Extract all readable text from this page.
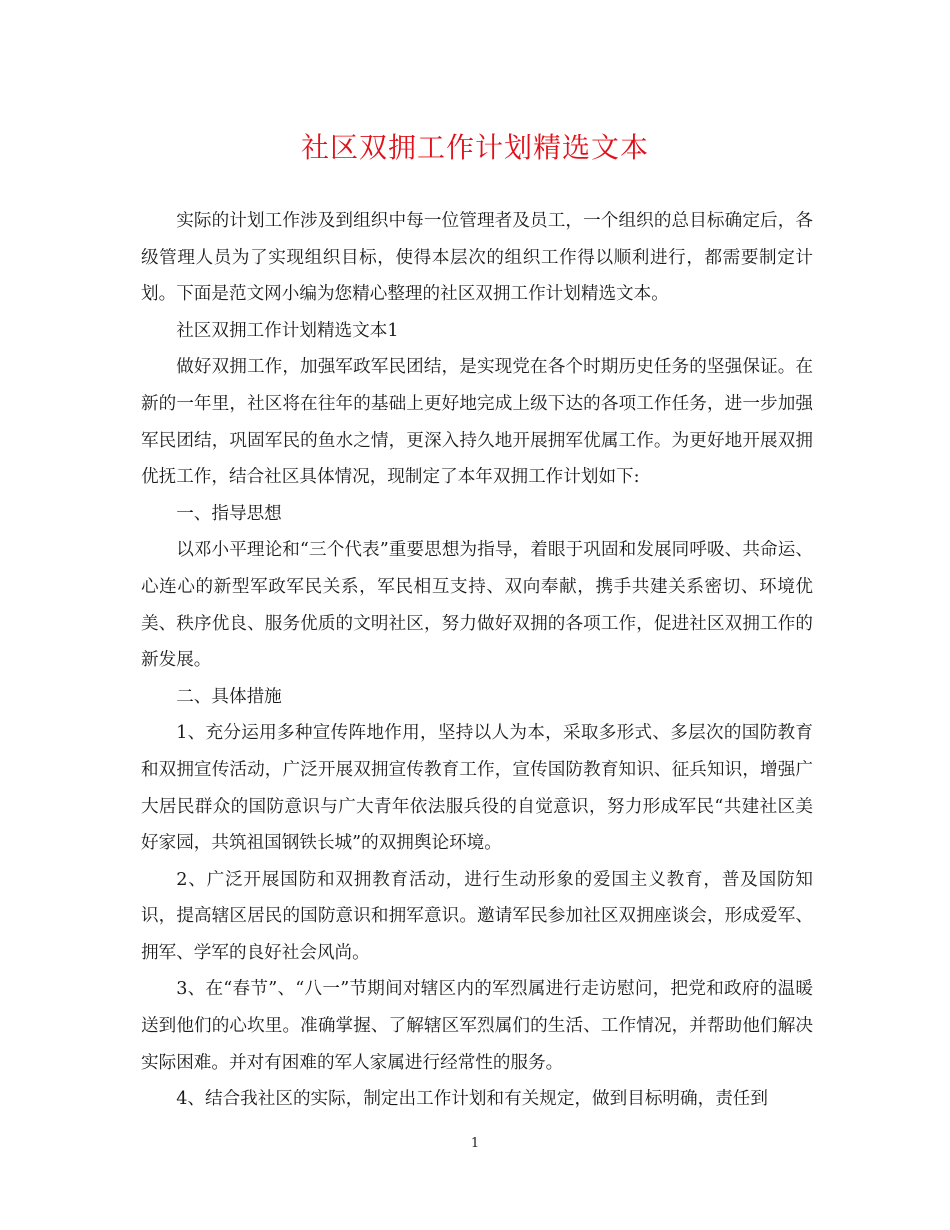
社区双拥工作计划精选文本

实际的计划工作涉及到组织中每一位管理者及员工，一个组织的总目标确定后，各级管理人员为了实现组织目标，使得本层次的组织工作得以顺利进行，都需要制定计划。下面是范文网小编为您精心整理的社区双拥工作计划精选文本。

社区双拥工作计划精选文本1

做好双拥工作，加强军政军民团结，是实现党在各个时期历史任务的坚强保证。在新的一年里，社区将在往年的基础上更好地完成上级下达的各项工作任务，进一步加强军民团结，巩固军民的鱼水之情，更深入持久地开展拥军优属工作。为更好地开展双拥优抚工作，结合社区具体情况，现制定了本年双拥工作计划如下:

一、指导思想

以邓小平理论和“三个代表”重要思想为指导，着眼于巩固和发展同呼吸、共命运、心连心的新型军政军民关系，军民相互支持、双向奉献，携手共建关系密切、环境优美、秩序优良、服务优质的文明社区，努力做好双拥的各项工作，促进社区双拥工作的新发展。

二、具体措施

1、充分运用多种宣传阵地作用，坚持以人为本，采取多形式、多层次的国防教育和双拥宣传活动，广泛开展双拥宣传教育工作，宣传国防教育知识、征兵知识，增强广大居民群众的国防意识与广大青年依法服兵役的自觉意识，努力形成军民“共建社区美好家园，共筑祖国钢铁长城”的双拥舆论环境。

2、广泛开展国防和双拥教育活动，进行生动形象的爱国主义教育，普及国防知识，提高辖区居民的国防意识和拥军意识。邀请军民参加社区双拥座谈会，形成爱军、拥军、学军的良好社会风尚。

3、在“春节”、“八一”节期间对辖区内的军烈属进行走访慰问，把党和政府的温暖送到他们的心坎里。准确掌握、了解辖区军烈属们的生活、工作情况，并帮助他们解决实际困难。并对有困难的军人家属进行经常性的服务。

4、结合我社区的实际，制定出工作计划和有关规定，做到目标明确，责任到

1
